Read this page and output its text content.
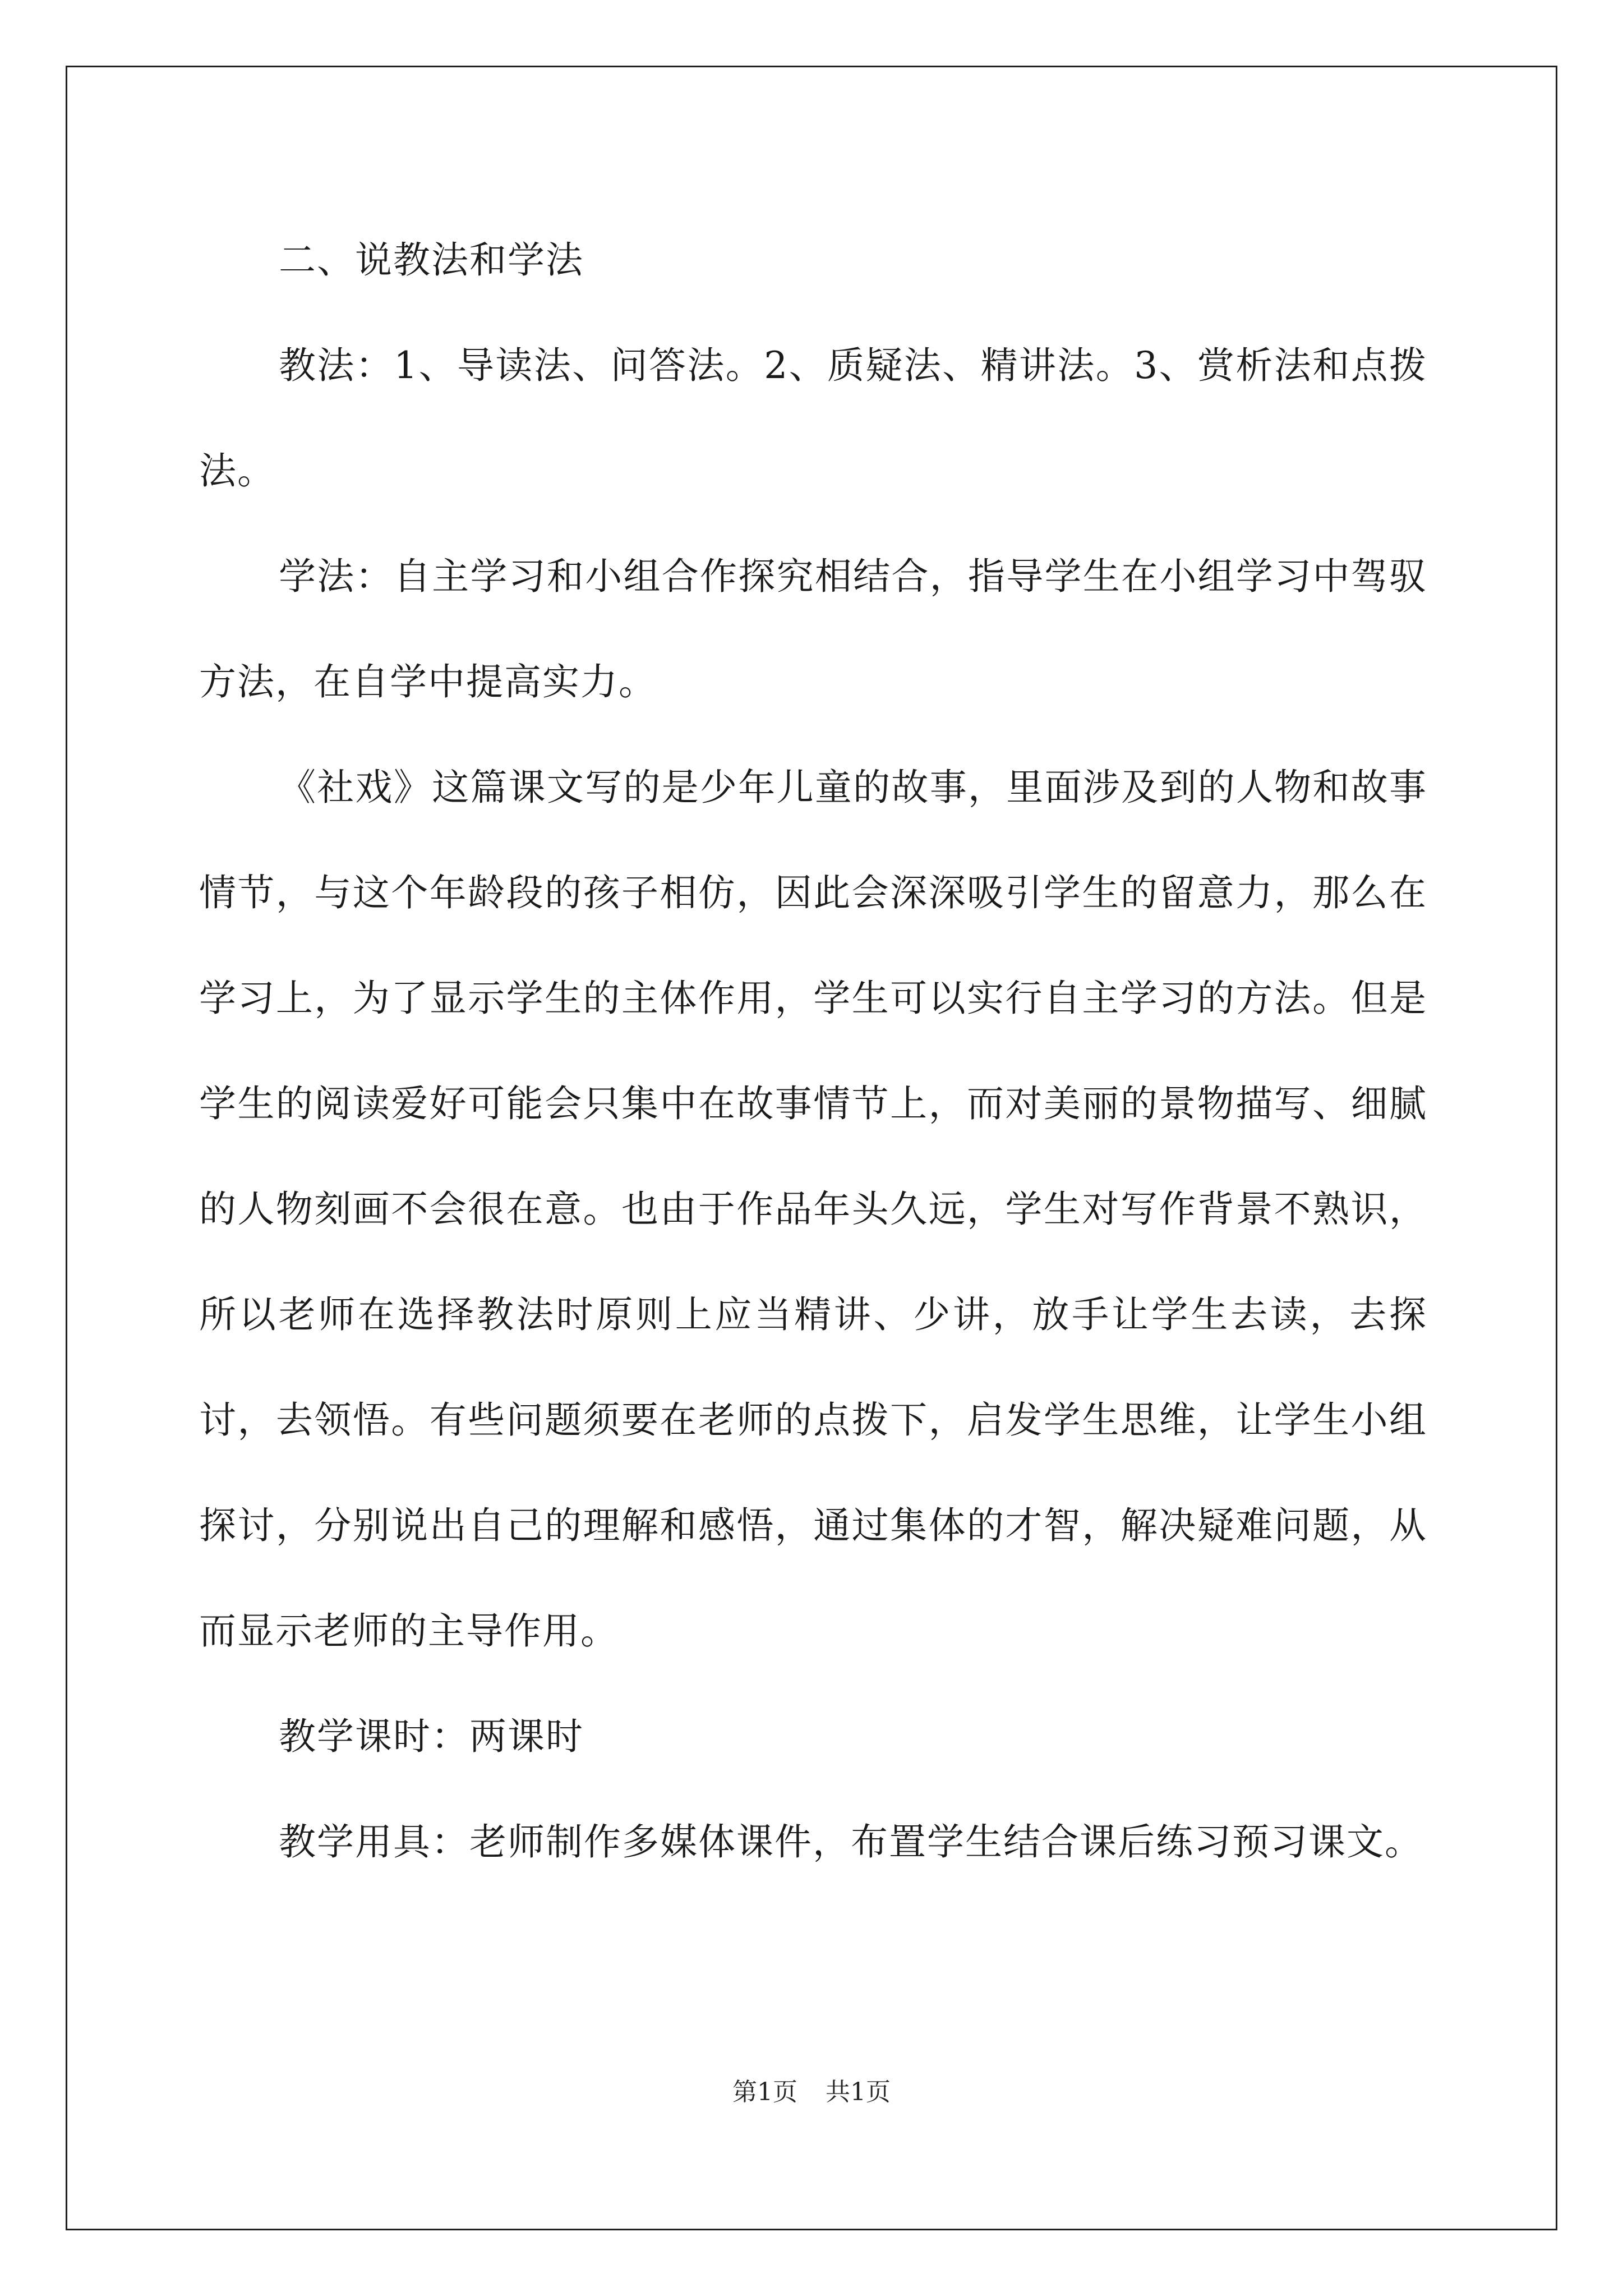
二、说教法和学法

教法：1、导读法、问答法。2、质疑法、精讲法。3、赏析法和点拨法。

学法：自主学习和小组合作探究相结合，指导学生在小组学习中驾驭方法，在自学中提高实力。

《社戏》这篇课文写的是少年儿童的故事，里面涉及到的人物和故事情节，与这个年龄段的孩子相仿，因此会深深吸引学生的留意力，那么在学习上，为了显示学生的主体作用，学生可以实行自主学习的方法。但是学生的阅读爱好可能会只集中在故事情节上，而对美丽的景物描写、细腻的人物刻画不会很在意。也由于作品年头久远，学生对写作背景不熟识，所以老师在选择教法时原则上应当精讲、少讲，放手让学生去读，去探讨，去领悟。有些问题须要在老师的点拨下，启发学生思维，让学生小组探讨，分别说出自己的理解和感悟，通过集体的才智，解决疑难问题，从而显示老师的主导作用。

教学课时：两课时

教学用具：老师制作多媒体课件，布置学生结合课后练习预习课文。

第1页 共1页
